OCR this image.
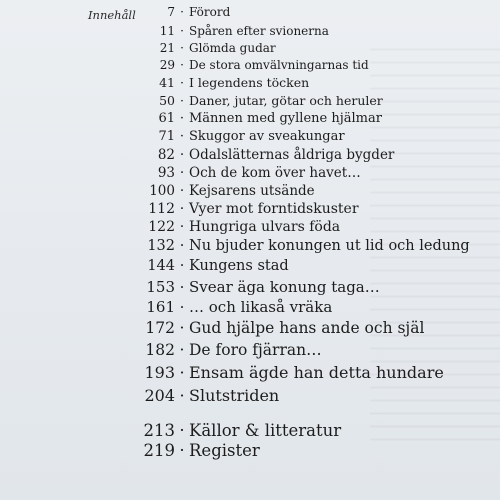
Innehåll	7 · Förord
11 · Spåren efter svionerna
21 · Glömda gudar
29 · De stora omvälvningarnas tid
41 · I legendens töcken
50 · Daner, jutar, götar och heruler
61 · Männen med gyllene hjälmar
71 · Skuggor av sveakungar
82 · Odalslätternas åldriga bygder
93 · Och de kom över havet…
100 · Kejsarens utsände
112 · Vyer mot forntidskuster
122 · Hungriga ulvars föda
132 · Nu bjuder konungen ut lid och ledung
144 · Kungens stad
153 · Svear äga konung taga…
161 · … och likaså vräka
172 · Gud hjälpe hans ande och själ
182 · De foro fjärran…
193 · Ensam ägde han detta hundare
204 · Slutstriden
213 · Källor & litteratur
219 · Register
